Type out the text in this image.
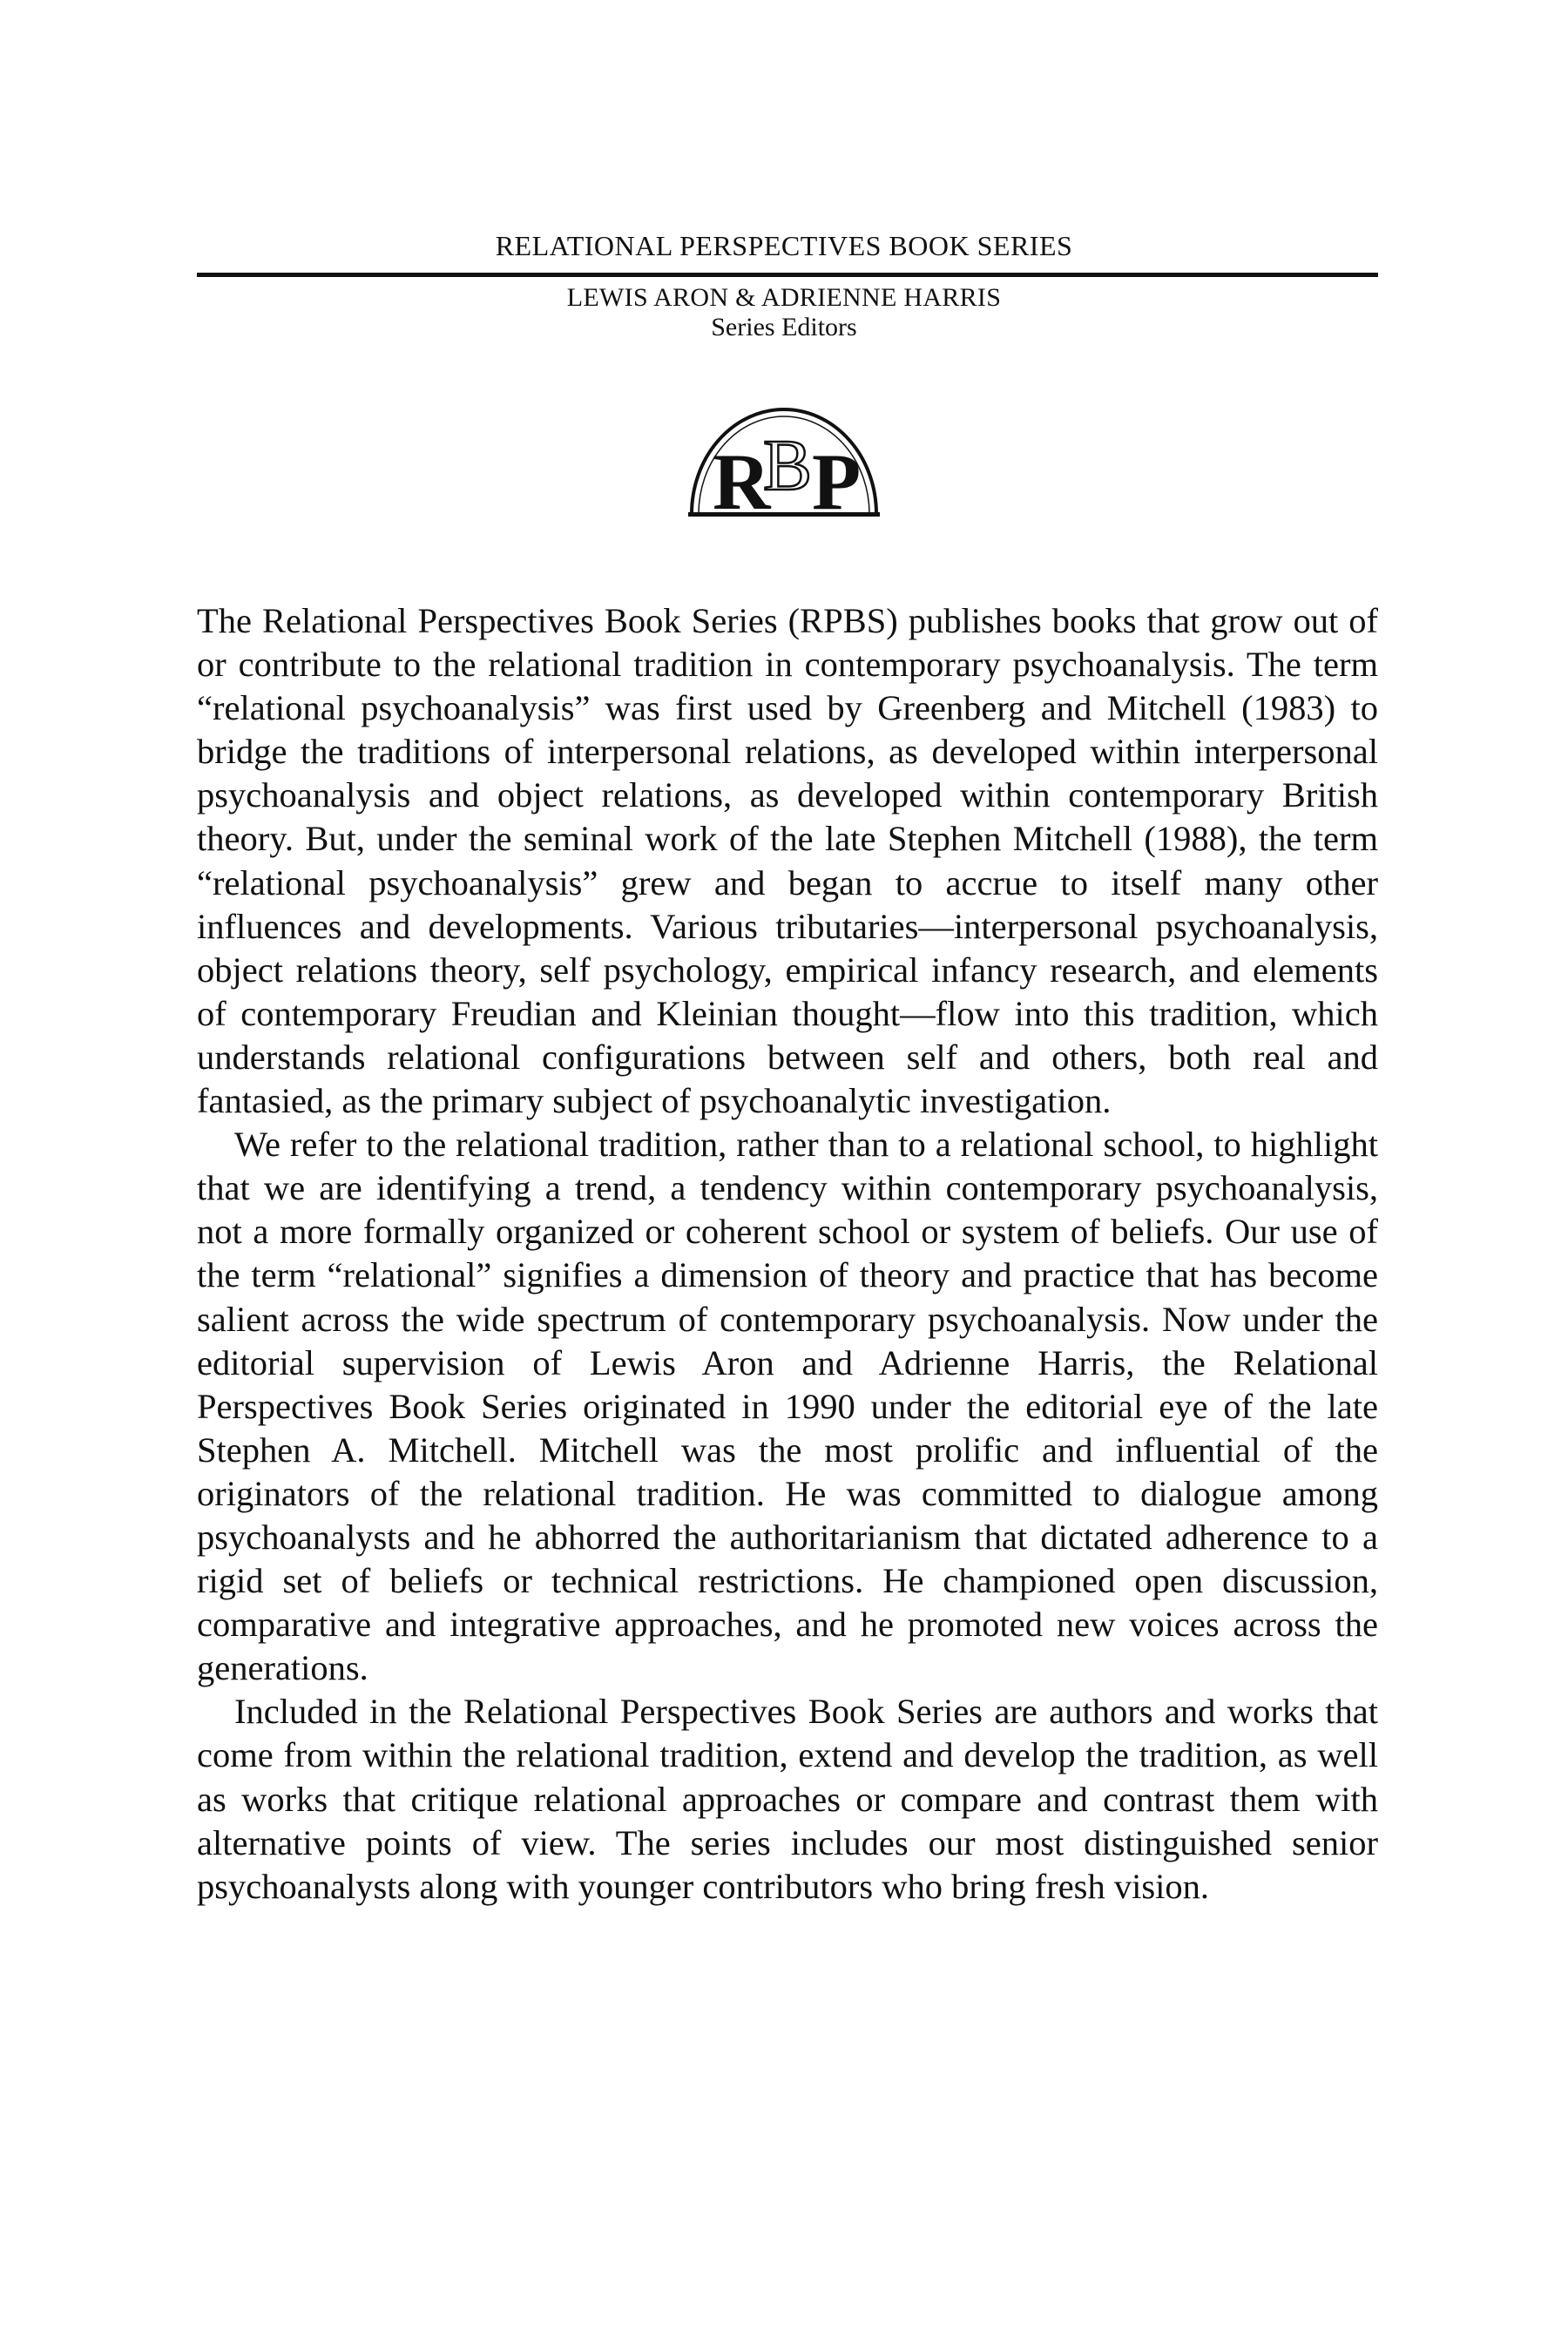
RELATIONAL PERSPECTIVES BOOK SERIES
LEWIS ARON & ADRIENNE HARRIS
Series Editors
R
B P

The Relational Perspectives Book Series (RPBS) publishes books that grow out of or contribute to the relational tradition in contemporary psychoanalysis. The term “relational psychoanalysis” was first used by Greenberg and Mitchell (1983) to bridge the traditions of interpersonal relations, as developed within interpersonal psychoanalysis and object relations, as developed within contemporary British theory. But, under the seminal work of the late Stephen Mitchell (1988), the term “relational psychoanalysis” grew and began to accrue to itself many other influences and developments. Various tributaries—interpersonal psychoanalysis, object relations theory, self psychology, empirical infancy research, and elements of contemporary Freudian and Kleinian thought—flow into this tradition, which understands relational configurations between self and others, both real and fantasied, as the primary subject of psychoanalytic investigation.

We refer to the relational tradition, rather than to a relational school, to highlight that we are identifying a trend, a tendency within contemporary psychoanalysis, not a more formally organized or coherent school or system of beliefs. Our use of the term “relational” signifies a dimension of theory and practice that has become salient across the wide spectrum of contemporary psychoanalysis. Now under the editorial supervision of Lewis Aron and Adrienne Harris, the Relational Perspectives Book Series originated in 1990 under the editorial eye of the late Stephen A. Mitchell. Mitchell was the most prolific and influential of the originators of the relational tradition. He was committed to dialogue among psychoanalysts and he abhorred the authoritarianism that dictated adherence to a rigid set of beliefs or technical restrictions. He championed open discussion, comparative and integrative approaches, and he promoted new voices across the generations.

Included in the Relational Perspectives Book Series are authors and works that come from within the relational tradition, extend and develop the tradition, as well as works that critique relational approaches or compare and contrast them with alternative points of view. The series includes our most distinguished senior psychoanalysts along with younger contributors who bring fresh vision.
